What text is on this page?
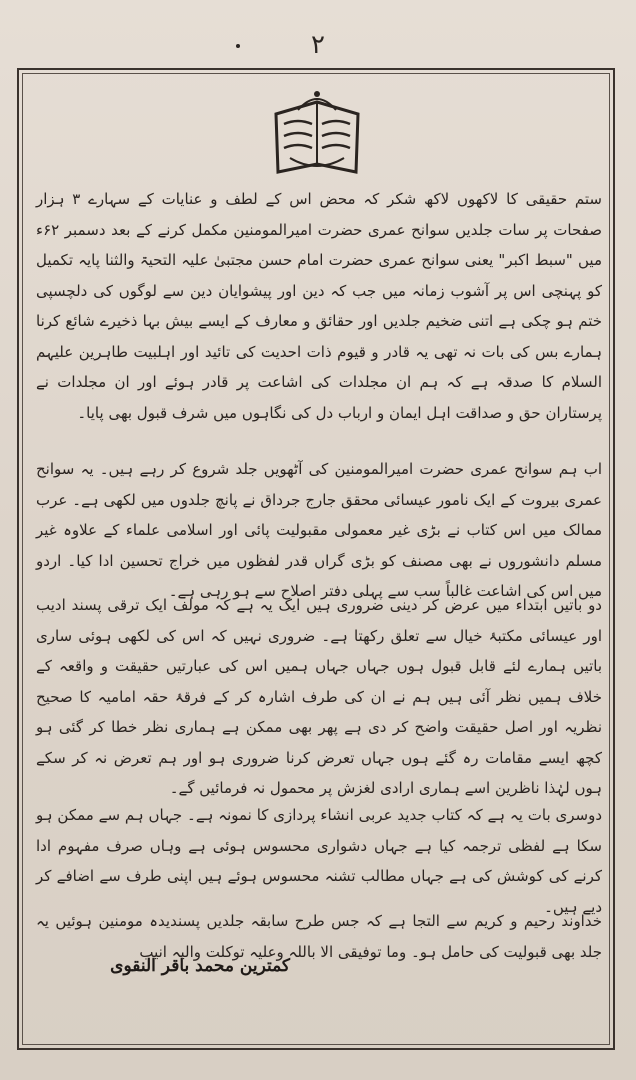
۲
ستم حقیقی کا لاکھوں لاکھ شکر کہ محض اس کے لطف و عنایات کے سہارے ۳ ہزار صفحات پر سات جلدیں سوانح عمری حضرت امیرالمومنین مکمل کرنے کے بعد دسمبر ۶۲ء میں "سبط اکبر" یعنی سوانح عمری حضرت امام حسن مجتبیٰ علیہ التحیۃ والثنا پایہ تکمیل کو پہنچی اس پر آشوب زمانہ میں جب کہ دین اور پیشوایان دین سے لوگوں کی دلچسپی ختم ہو چکی ہے اتنی ضخیم جلدیں اور حقائق و معارف کے ایسے بیش بہا ذخیرے شائع کرنا ہمارے بس کی بات نہ تھی یہ قادر و قیوم ذات احدیت کی تائید اور اہلبیت طاہرین علیہم السلام کا صدقہ ہے کہ ہم ان مجلدات کی اشاعت پر قادر ہوئے اور ان مجلدات نے پرستاران حق و صداقت اہل ایمان و ارباب دل کی نگاہوں میں شرف قبول بھی پایا۔
اب ہم سوانح عمری حضرت امیرالمومنین کی آٹھویں جلد شروع کر رہے ہیں۔ یہ سوانح عمری بیروت کے ایک نامور عیسائی محقق جارج جرداق نے پانچ جلدوں میں لکھی ہے۔ عرب ممالک میں اس کتاب نے بڑی غیر معمولی مقبولیت پائی اور اسلامی علماء کے علاوہ غیر مسلم دانشوروں نے بھی مصنف کو بڑی گراں قدر لفظوں میں خراج تحسین ادا کیا۔ اردو میں اس کی اشاعت غالباً سب سے پہلی دفتر اصلاح سے ہو رہی ہے۔
دو باتیں ابتداء میں عرض کر دینی ضروری ہیں ایک یہ ہے کہ مولف ایک ترقی پسند ادیب اور عیسائی مکتبۂ خیال سے تعلق رکھتا ہے۔ ضروری نہیں کہ اس کی لکھی ہوئی ساری باتیں ہمارے لئے قابل قبول ہوں جہاں جہاں ہمیں اس کی عبارتیں حقیقت و واقعہ کے خلاف ہمیں نظر آئی ہیں ہم نے ان کی طرف اشارہ کر کے فرقۂ حقہ امامیہ کا صحیح نظریہ اور اصل حقیقت واضح کر دی ہے پھر بھی ممکن ہے ہماری نظر خطا کر گئی ہو کچھ ایسے مقامات رہ گئے ہوں جہاں تعرض کرنا ضروری ہو اور ہم تعرض نہ کر سکے ہوں لہٰذا ناظرین اسے ہماری ارادی لغزش پر محمول نہ فرمائیں گے۔
دوسری بات یہ ہے کہ کتاب جدید عربی انشاء پردازی کا نمونہ ہے۔ جہاں ہم سے ممکن ہو سکا ہے لفظی ترجمہ کیا ہے جہاں دشواری محسوس ہوئی ہے وہاں صرف مفہوم ادا کرنے کی کوشش کی ہے جہاں مطالب تشنہ محسوس ہوئے ہیں اپنی طرف سے اضافے کر دیے ہیں۔
خداوند رحیم و کریم سے التجا ہے کہ جس طرح سابقہ جلدیں پسندیدہ مومنین ہوئیں یہ جلد بھی قبولیت کی حامل ہو۔ وما توفیقی الا باللہ وعلیہ توکلت والیہ انیب
کمترین محمد باقر النقوی
